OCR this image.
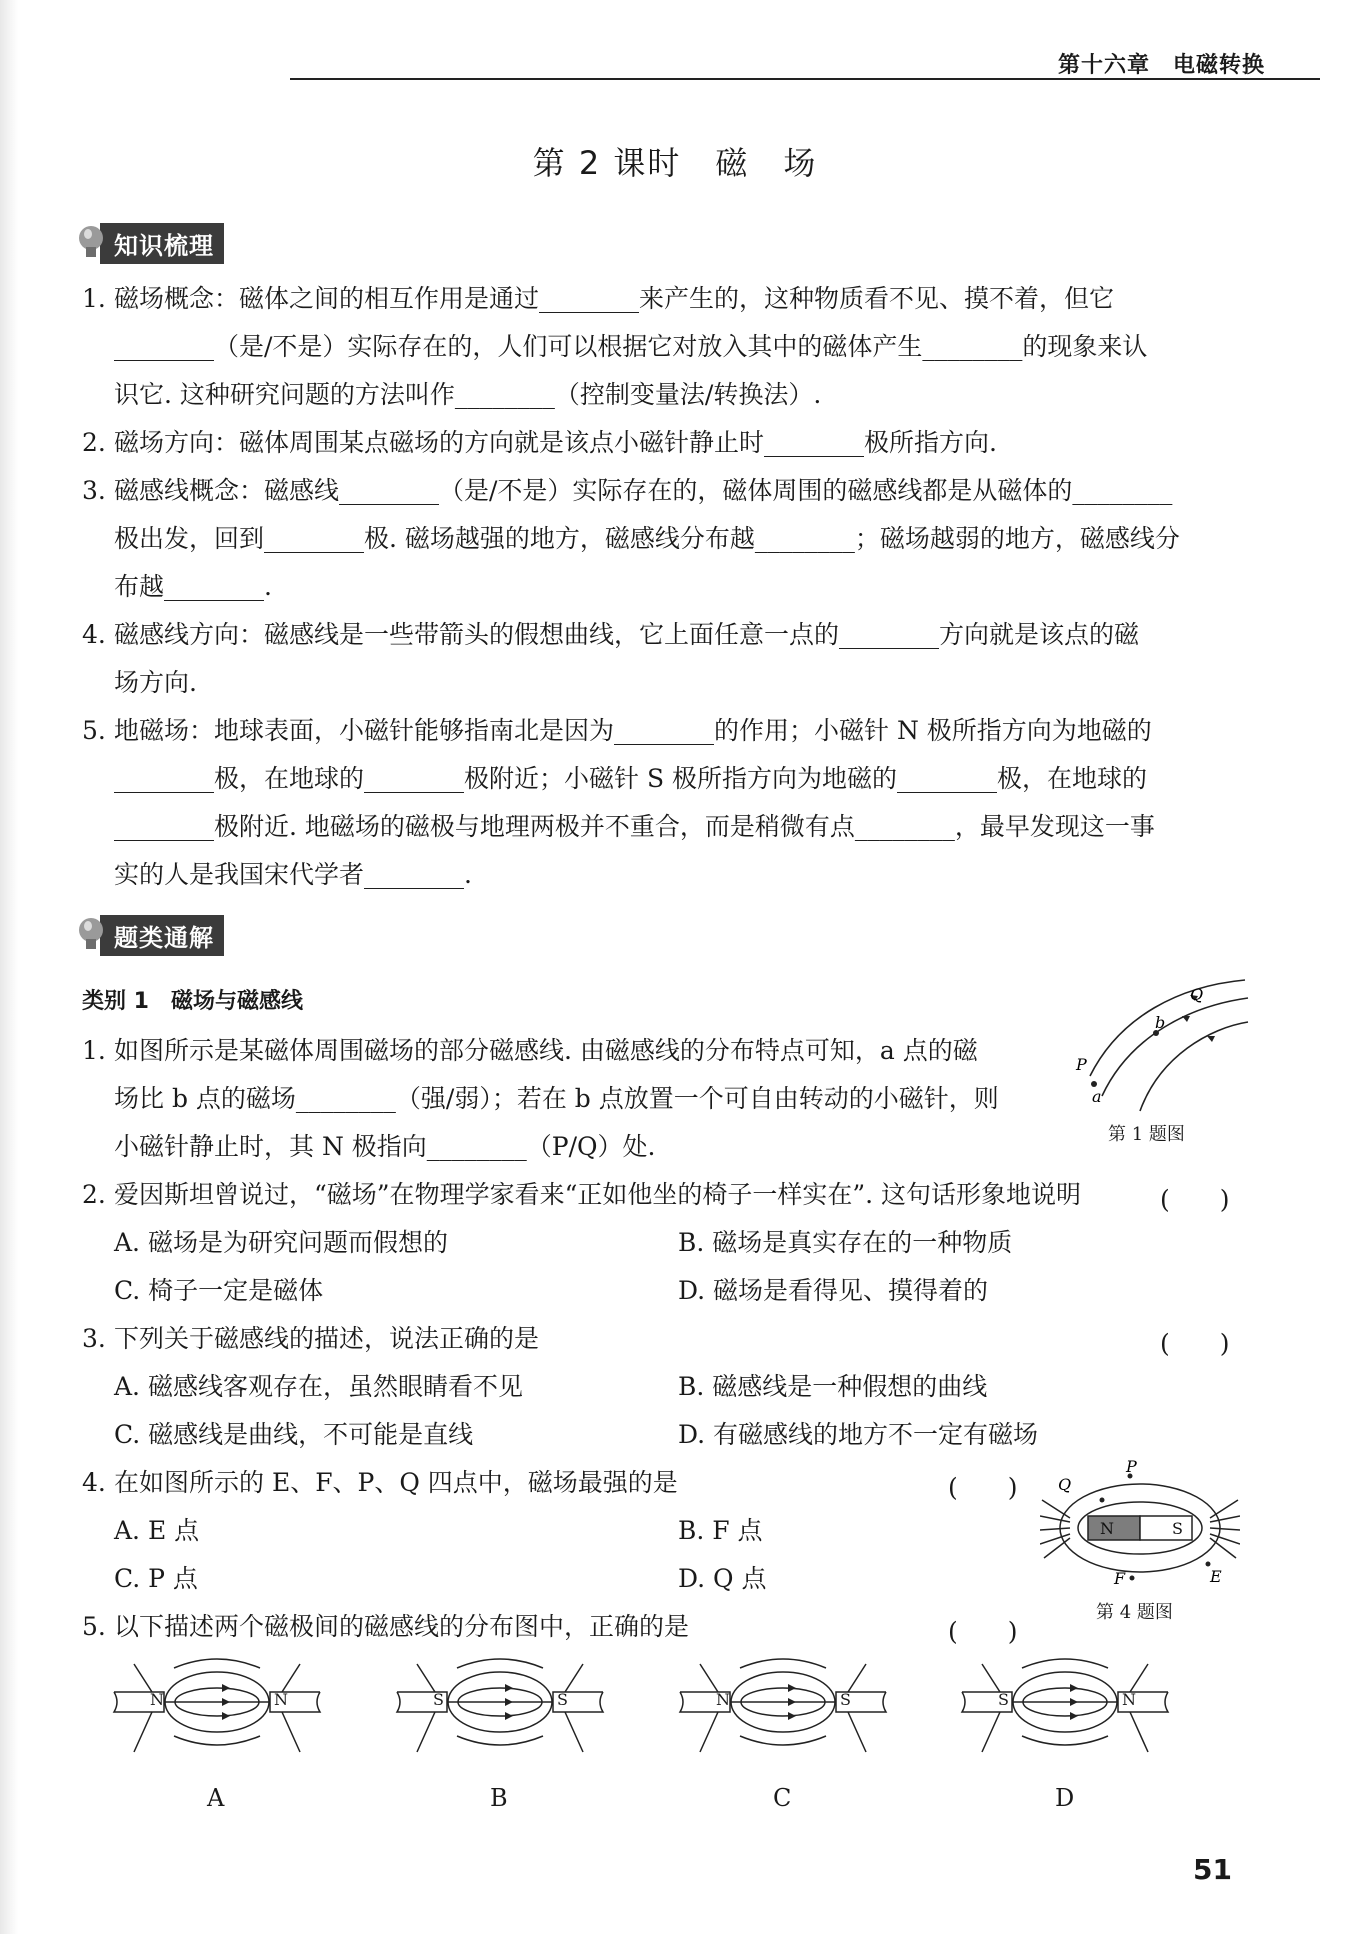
第十六章　电磁转换
第 2 课时　磁　场
知识梳理
1. 磁场概念：磁体之间的相互作用是通过________来产生的，这种物质看不见、摸不着，但它
________（是/不是）实际存在的，人们可以根据它对放入其中的磁体产生________的现象来认
识它. 这种研究问题的方法叫作________（控制变量法/转换法）.
2. 磁场方向：磁体周围某点磁场的方向就是该点小磁针静止时________极所指方向.
3. 磁感线概念：磁感线________（是/不是）实际存在的，磁体周围的磁感线都是从磁体的________
极出发，回到________极. 磁场越强的地方，磁感线分布越________；磁场越弱的地方，磁感线分
布越________.
4. 磁感线方向：磁感线是一些带箭头的假想曲线，它上面任意一点的________方向就是该点的磁
场方向.
5. 地磁场：地球表面，小磁针能够指南北是因为________的作用；小磁针 N 极所指方向为地磁的
________极，在地球的________极附近；小磁针 S 极所指方向为地磁的________极，在地球的
________极附近. 地磁场的磁极与地理两极并不重合，而是稍微有点________，最早发现这一事
实的人是我国宋代学者________.
题类通解
类别 1　磁场与磁感线
1. 如图所示是某磁体周围磁场的部分磁感线. 由磁感线的分布特点可知，a 点的磁
场比 b 点的磁场________（强/弱）；若在 b 点放置一个可自由转动的小磁针，则
小磁针静止时，其 N 极指向________（P/Q）处.
b
Q
P
a
第 1 题图
2. 爱因斯坦曾说过，“磁场”在物理学家看来“正如他坐的椅子一样实在”. 这句话形象地说明	(　　)
A. 磁场是为研究问题而假想的	B. 磁场是真实存在的一种物质
C. 椅子一定是磁体	D. 磁场是看得见、摸得着的
3. 下列关于磁感线的描述，说法正确的是	(　　)
A. 磁感线客观存在，虽然眼睛看不见	B. 磁感线是一种假想的曲线
C. 磁感线是曲线，不可能是直线	D. 有磁感线的地方不一定有磁场
4. 在如图所示的 E、F、P、Q 四点中，磁场最强的是	(　　)
A. E 点	B. F 点
C. P 点	D. Q 点
N	S
Q
P
E
F
第 4 题图
5. 以下描述两个磁极间的磁感线的分布图中，正确的是	(　　)
N	N
A
S	S
B
N	S
C
S	N
D
51
